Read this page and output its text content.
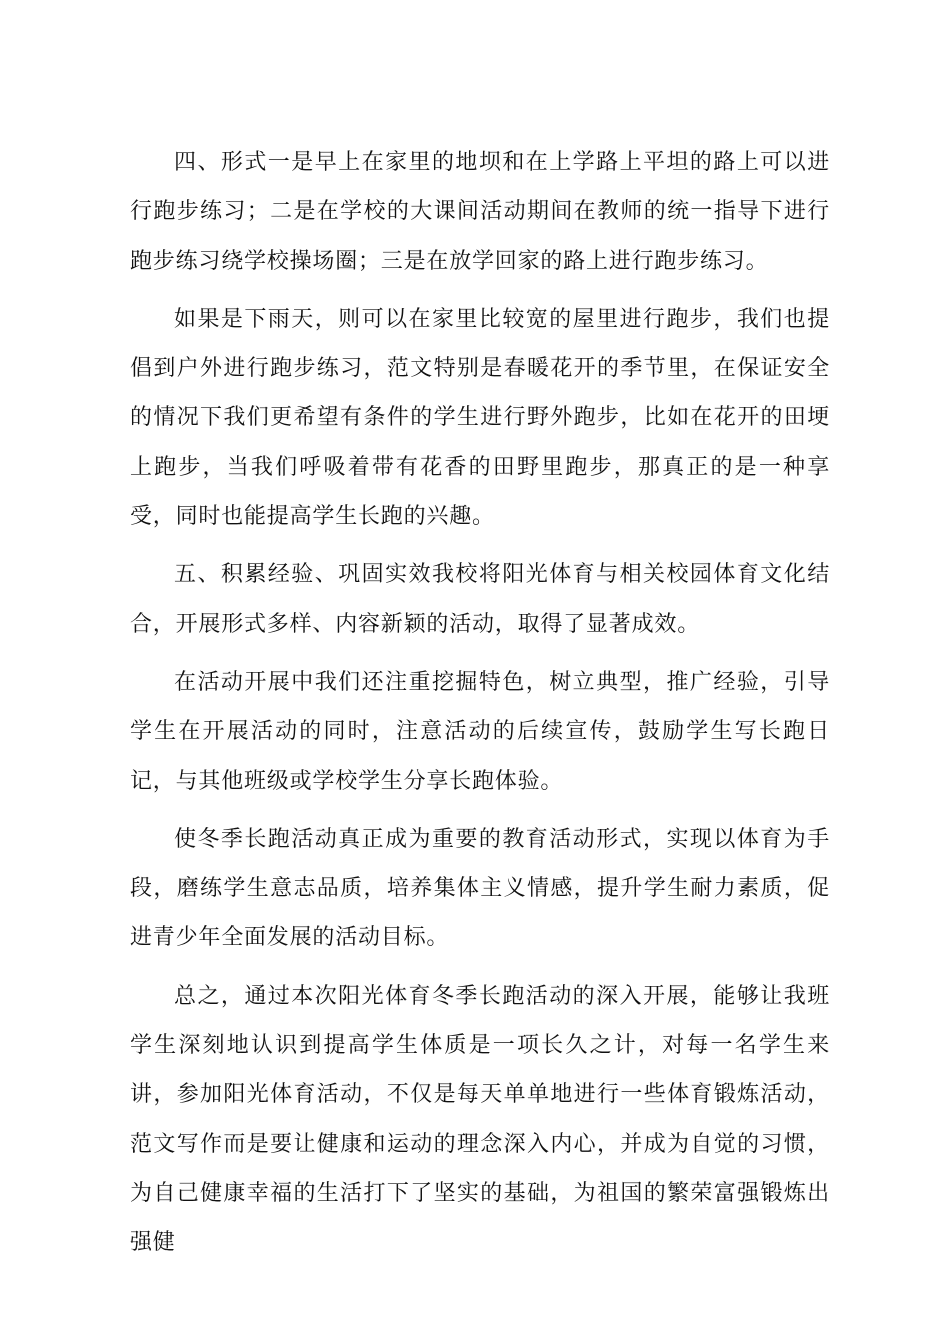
四、形式一是早上在家里的地坝和在上学路上平坦的路上可以进行跑步练习；二是在学校的大课间活动期间在教师的统一指导下进行跑步练习绕学校操场圈；三是在放学回家的路上进行跑步练习。

如果是下雨天，则可以在家里比较宽的屋里进行跑步，我们也提倡到户外进行跑步练习，范文特别是春暖花开的季节里，在保证安全的情况下我们更希望有条件的学生进行野外跑步，比如在花开的田埂上跑步，当我们呼吸着带有花香的田野里跑步，那真正的是一种享受，同时也能提高学生长跑的兴趣。

五、积累经验、巩固实效我校将阳光体育与相关校园体育文化结合，开展形式多样、内容新颖的活动，取得了显著成效。

在活动开展中我们还注重挖掘特色，树立典型，推广经验，引导学生在开展活动的同时，注意活动的后续宣传，鼓励学生写长跑日记，与其他班级或学校学生分享长跑体验。

使冬季长跑活动真正成为重要的教育活动形式，实现以体育为手段，磨练学生意志品质，培养集体主义情感，提升学生耐力素质，促进青少年全面发展的活动目标。

总之，通过本次阳光体育冬季长跑活动的深入开展，能够让我班学生深刻地认识到提高学生体质是一项长久之计，对每一名学生来讲，参加阳光体育活动，不仅是每天单单地进行一些体育锻炼活动，范文写作而是要让健康和运动的理念深入内心，并成为自觉的习惯，为自己健康幸福的生活打下了坚实的基础，为祖国的繁荣富强锻炼出强健
